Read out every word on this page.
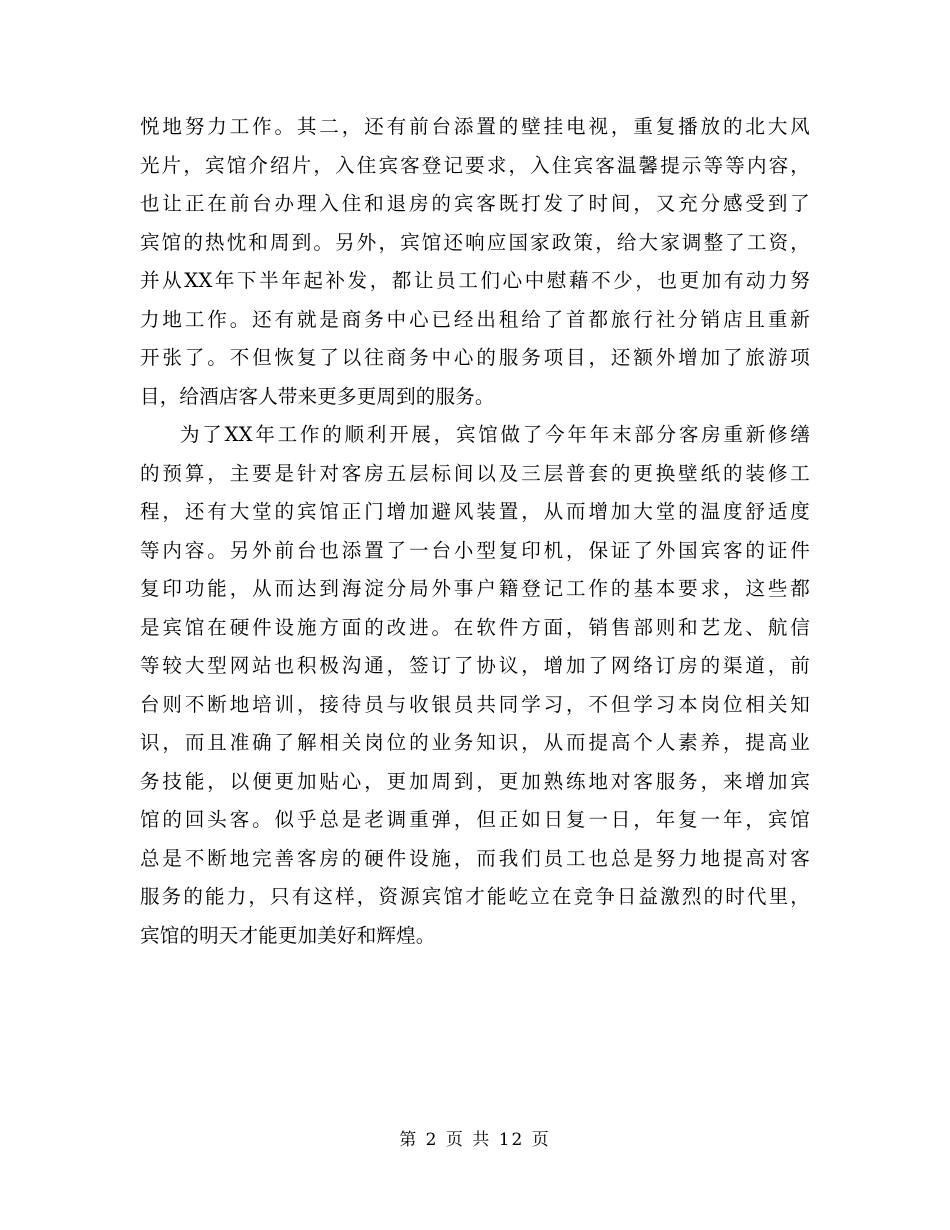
悦地努力工作。其二，还有前台添置的壁挂电视，重复播放的北大风
光片，宾馆介绍片，入住宾客登记要求，入住宾客温馨提示等等内容，
也让正在前台办理入住和退房的宾客既打发了时间，又充分感受到了
宾馆的热忱和周到。另外，宾馆还响应国家政策，给大家调整了工资，
并从XX年下半年起补发，都让员工们心中慰藉不少，也更加有动力努
力地工作。还有就是商务中心已经出租给了首都旅行社分销店且重新
开张了。不但恢复了以往商务中心的服务项目，还额外增加了旅游项
目，给酒店客人带来更多更周到的服务。
为了XX年工作的顺利开展，宾馆做了今年年末部分客房重新修缮
的预算，主要是针对客房五层标间以及三层普套的更换壁纸的装修工
程，还有大堂的宾馆正门增加避风装置，从而增加大堂的温度舒适度
等内容。另外前台也添置了一台小型复印机，保证了外国宾客的证件
复印功能，从而达到海淀分局外事户籍登记工作的基本要求，这些都
是宾馆在硬件设施方面的改进。在软件方面，销售部则和艺龙、航信
等较大型网站也积极沟通，签订了协议，增加了网络订房的渠道，前
台则不断地培训，接待员与收银员共同学习，不但学习本岗位相关知
识，而且准确了解相关岗位的业务知识，从而提高个人素养，提高业
务技能，以便更加贴心，更加周到，更加熟练地对客服务，来增加宾
馆的回头客。似乎总是老调重弹，但正如日复一日，年复一年，宾馆
总是不断地完善客房的硬件设施，而我们员工也总是努力地提高对客
服务的能力，只有这样，资源宾馆才能屹立在竞争日益激烈的时代里，
宾馆的明天才能更加美好和辉煌。
第 2 页 共 12 页
